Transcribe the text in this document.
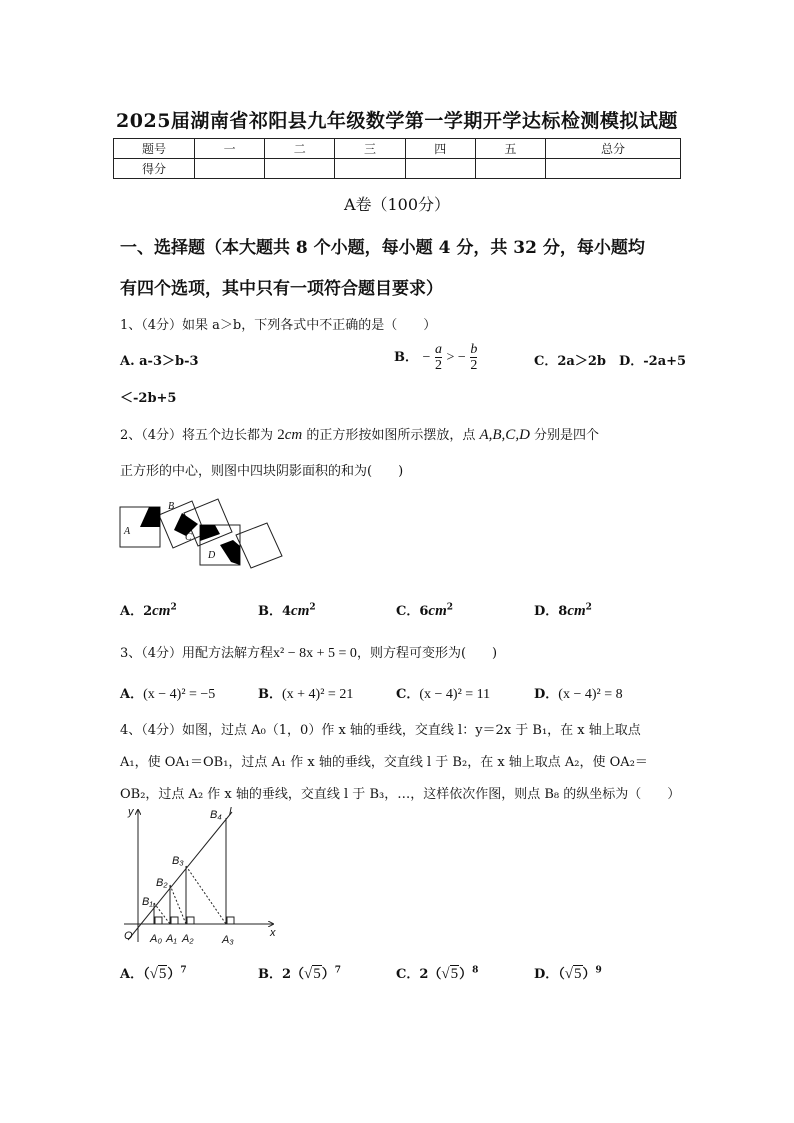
2025届湖南省祁阳县九年级数学第一学期开学达标检测模拟试题
题号	一	二	三	四	五	总分
得分						
A卷（100分）
一、选择题（本大题共 8 个小题，每小题 4 分，共 32 分，每小题均
有四个选项，其中只有一项符合题目要求）
1、（4分）如果 a＞b，下列各式中不正确的是（　　）
A. a-3＞b-3	B． − $\frac{a}{2}$ > − $\frac{b}{2}$	C．2a＞2b D．-2a+5
＜-2b+5
2、（4分）将五个边长都为 2cm 的正方形按如图所示摆放，点 A,B,C,D 分别是四个
正方形的中心，则图中四块阴影面积的和为(　　)
A
B
C
D
A．$2cm^2$	B．$4cm^2$	C．$6cm^2$	D．$8cm^2$
3、（4分）用配方法解方程x² − 8x + 5 = 0，则方程可变形为(　　)
A．(x − 4)² = −5	B．(x + 4)² = 21	C．(x − 4)² = 11	D．(x − 4)² = 8
4、（4分）如图，过点 A₀（1，0）作 x 轴的垂线，交直线 l：y＝2x 于 B₁，在 x 轴上取点
A₁，使 OA₁＝OB₁，过点 A₁ 作 x 轴的垂线，交直线 l 于 B₂，在 x 轴上取点 A₂，使 OA₂＝
OB₂，过点 A₂ 作 x 轴的垂线，交直线 l 于 B₃，…，这样依次作图，则点 B₈ 的纵坐标为（　　）
y
x
O
l
B₁
B₂
B₃
B₄
A₀ A₁ A₂	A₃
A．$(√5)^7$	B．$2(√5)^7$	C．$2(√5)^8$	D．$(√5)^9$
